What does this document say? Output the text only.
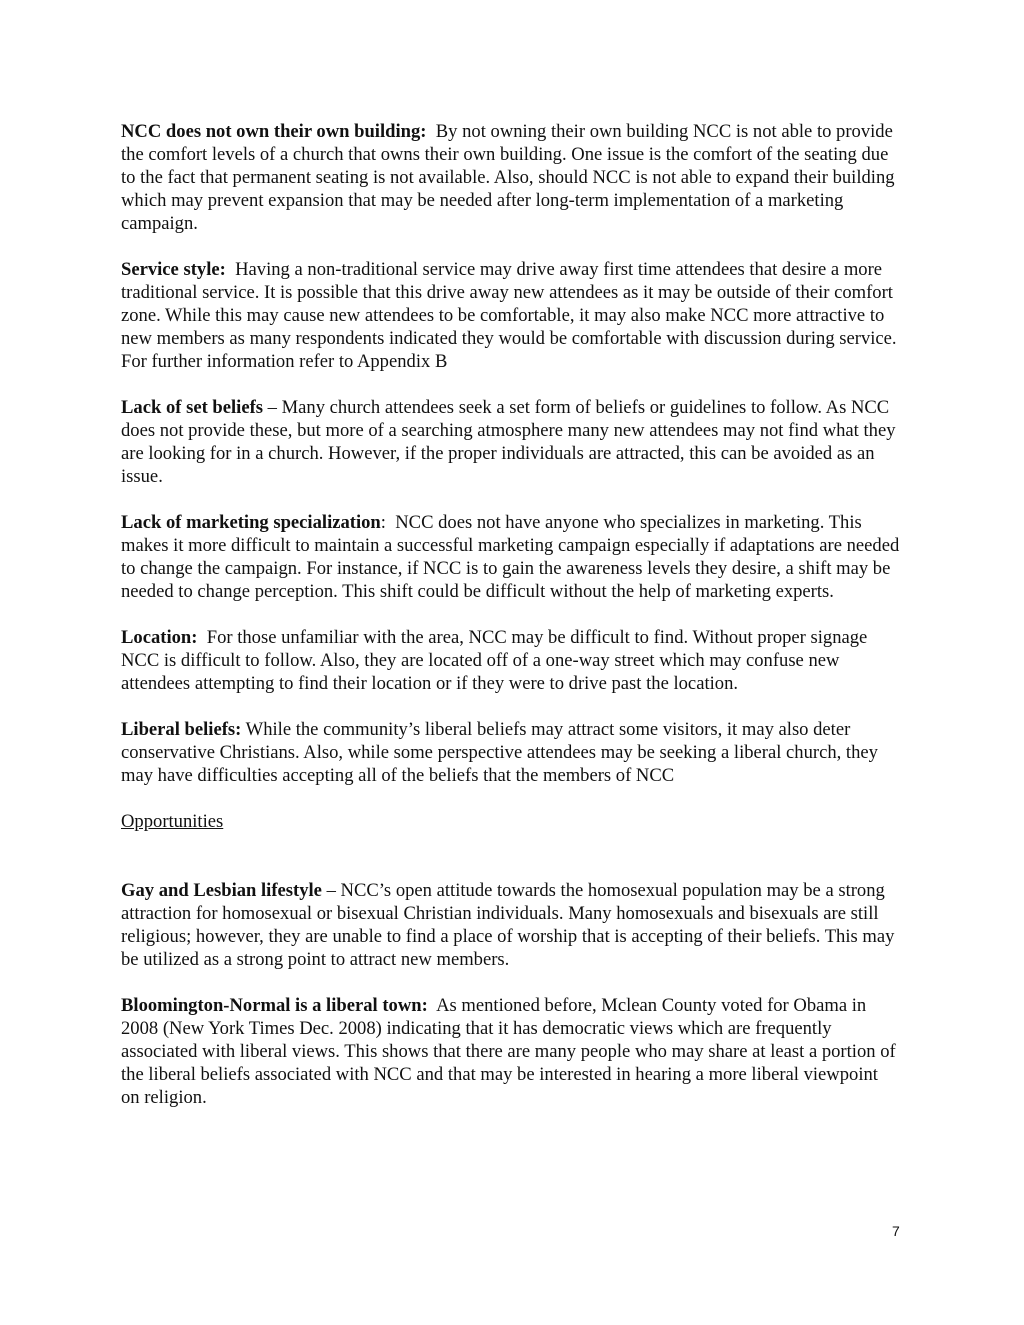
NCC does not own their own building: By not owning their own building NCC is not able to provide the comfort levels of a church that owns their own building. One issue is the comfort of the seating due to the fact that permanent seating is not available. Also, should NCC is not able to expand their building which may prevent expansion that may be needed after long-term implementation of a marketing campaign.

Service style: Having a non-traditional service may drive away first time attendees that desire a more traditional service. It is possible that this drive away new attendees as it may be outside of their comfort zone. While this may cause new attendees to be comfortable, it may also make NCC more attractive to new members as many respondents indicated they would be comfortable with discussion during service. For further information refer to Appendix B

Lack of set beliefs – Many church attendees seek a set form of beliefs or guidelines to follow. As NCC does not provide these, but more of a searching atmosphere many new attendees may not find what they are looking for in a church. However, if the proper individuals are attracted, this can be avoided as an issue.

Lack of marketing specialization:  NCC does not have anyone who specializes in marketing. This makes it more difficult to maintain a successful marketing campaign especially if adaptations are needed to change the campaign. For instance, if NCC is to gain the awareness levels they desire, a shift may be needed to change perception. This shift could be difficult without the help of marketing experts.

Location: For those unfamiliar with the area, NCC may be difficult to find. Without proper signage NCC is difficult to follow. Also, they are located off of a one-way street which may confuse new attendees attempting to find their location or if they were to drive past the location.

Liberal beliefs: While the community’s liberal beliefs may attract some visitors, it may also deter conservative Christians. Also, while some perspective attendees may be seeking a liberal church, they may have difficulties accepting all of the beliefs that the members of NCC

Opportunities

Gay and Lesbian lifestyle – NCC’s open attitude towards the homosexual population may be a strong attraction for homosexual or bisexual Christian individuals. Many homosexuals and bisexuals are still religious; however, they are unable to find a place of worship that is accepting of their beliefs. This may be utilized as a strong point to attract new members.

Bloomington-Normal is a liberal town: As mentioned before, Mclean County voted for Obama in 2008 (New York Times Dec. 2008) indicating that it has democratic views which are frequently associated with liberal views. This shows that there are many people who may share at least a portion of the liberal beliefs associated with NCC and that may be interested in hearing a more liberal viewpoint on religion.

7
